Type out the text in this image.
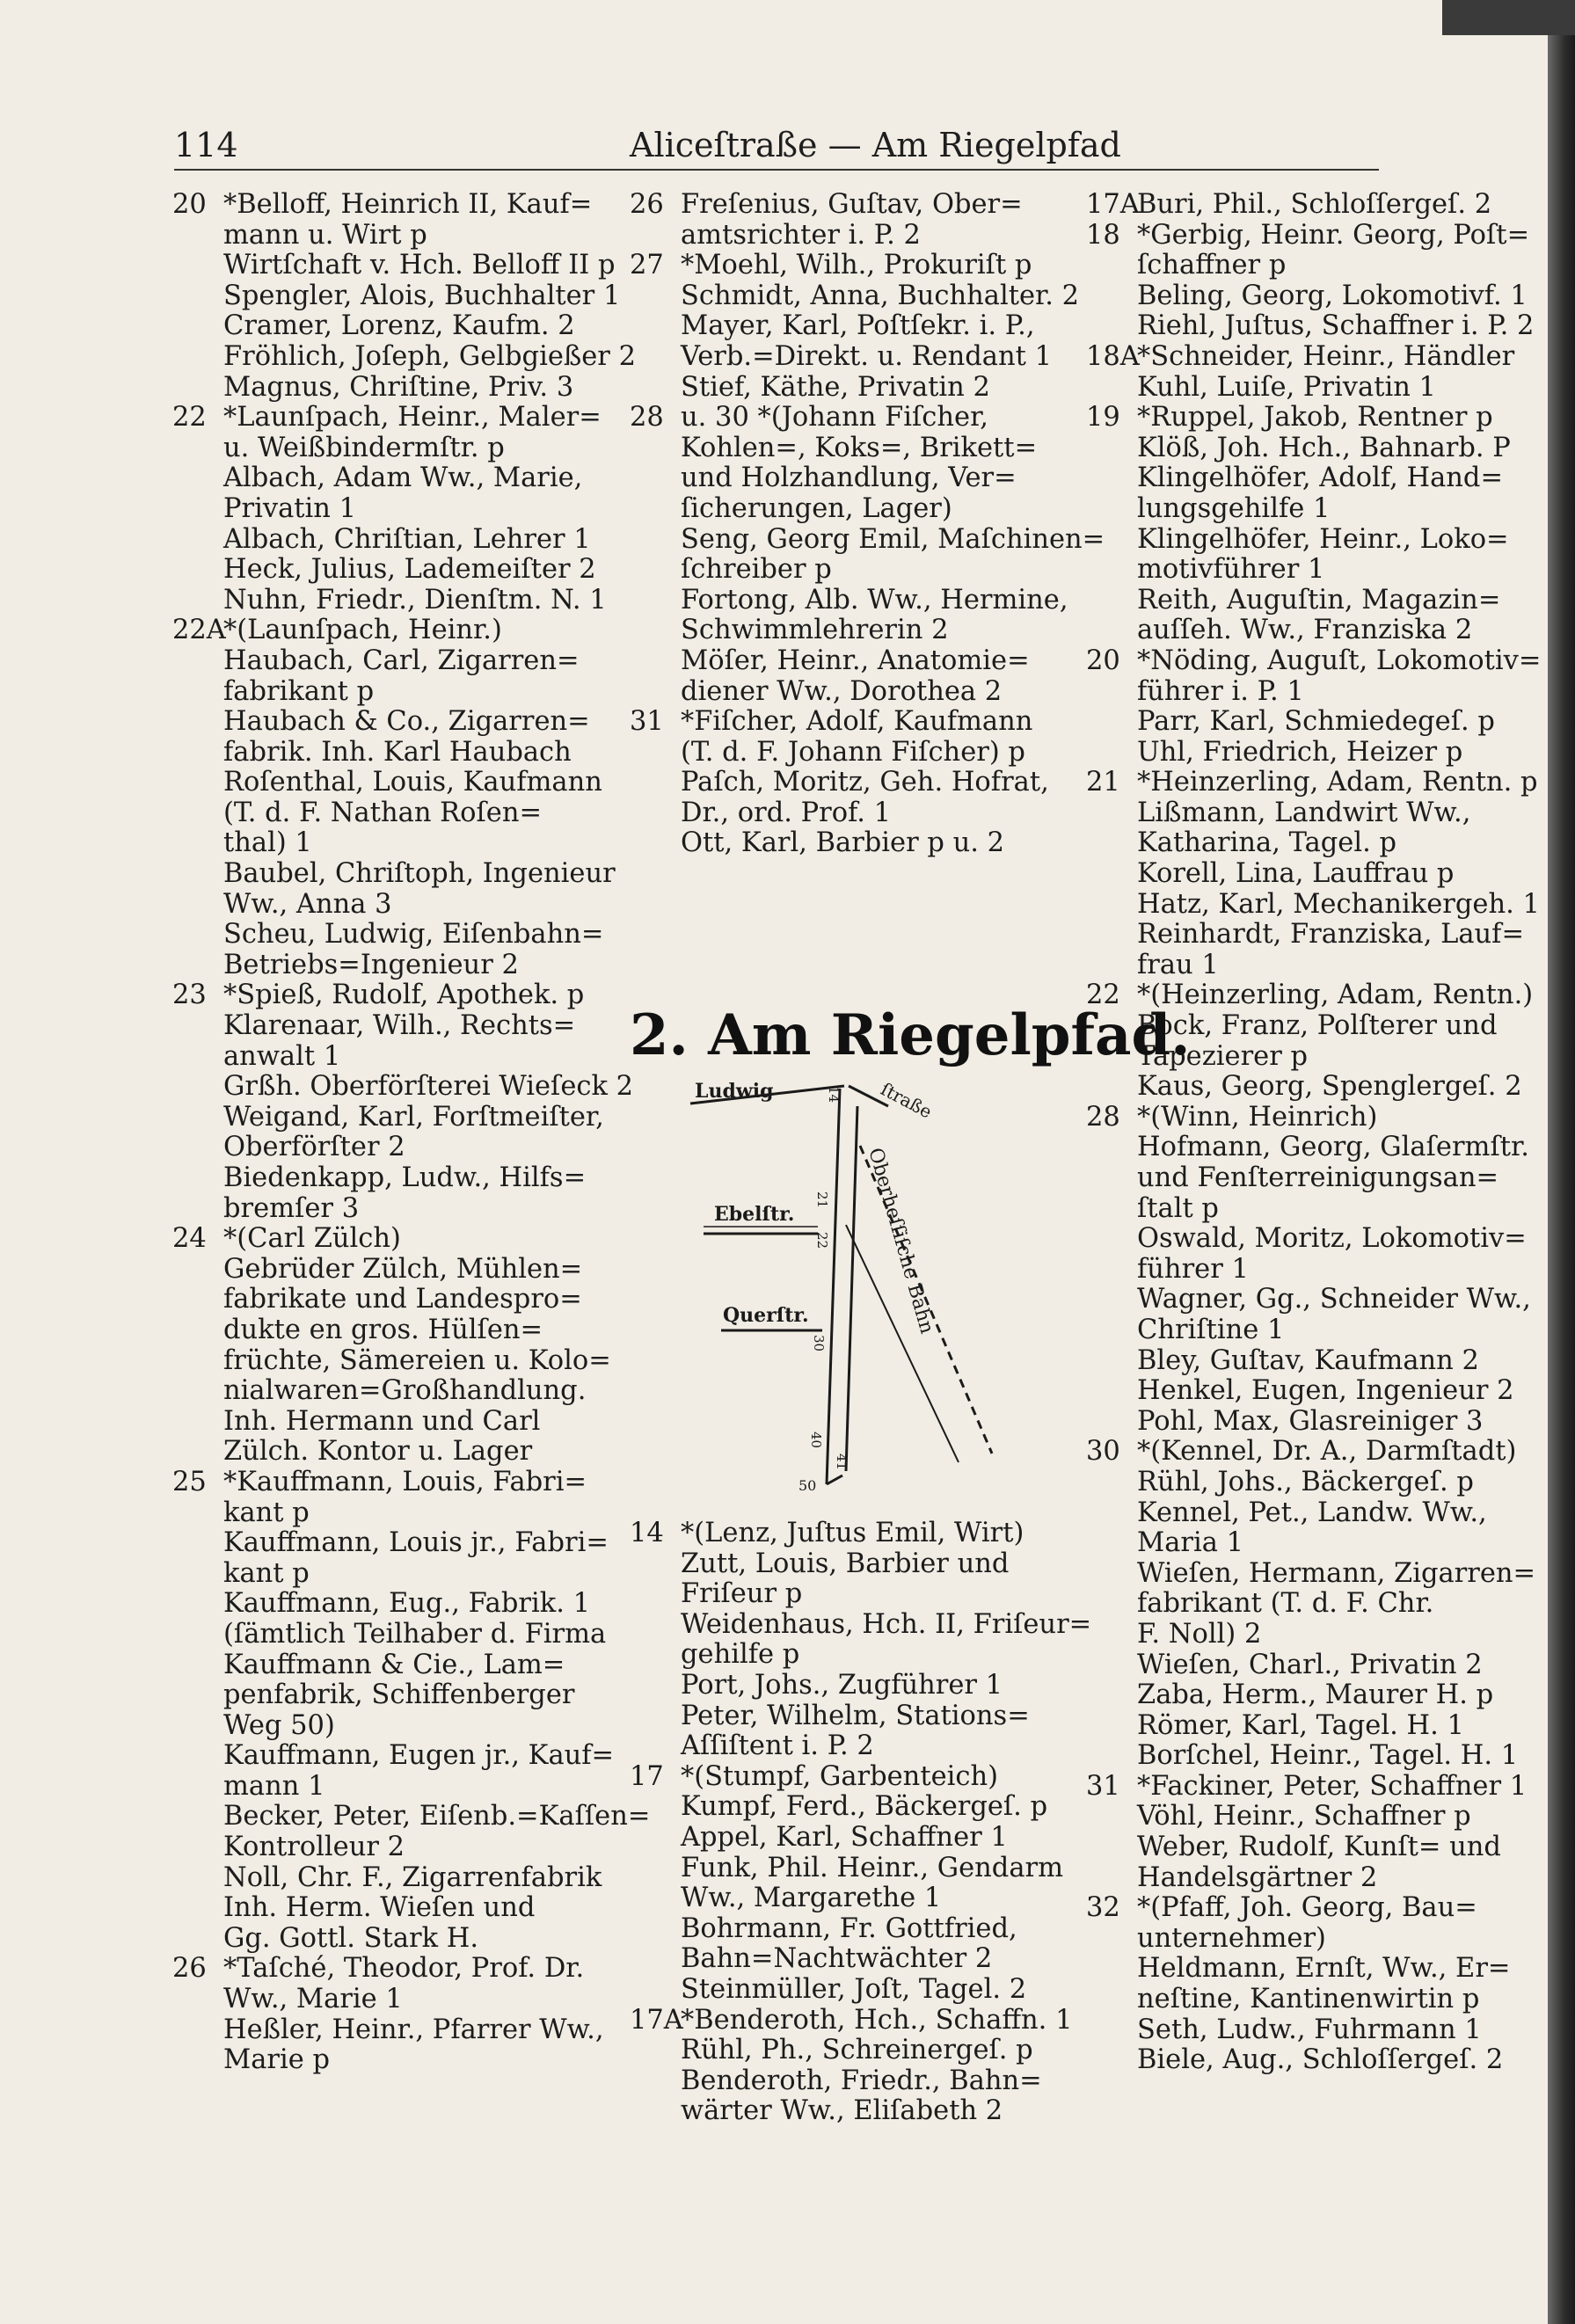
114	Aliceſtraße — Am Riegelpfad
20 *Belloff, Heinrich II, Kauf=
mann u. Wirt p
Wirtſchaft v. Hch. Belloff II p
Spengler, Alois, Buchhalter 1
Cramer, Lorenz, Kaufm. 2
Fröhlich, Joſeph, Gelbgießer 2
Magnus, Chriſtine, Priv. 3
22 *Launſpach, Heinr., Maler=
u. Weißbindermſtr. p
Albach, Adam Ww., Marie,
Privatin 1
Albach, Chriſtian, Lehrer 1
Heck, Julius, Lademeiſter 2
Nuhn, Friedr., Dienſtm. N. 1
22A
*(Launſpach, Heinr.)
Haubach, Carl, Zigarren=
fabrikant p
Haubach & Co., Zigarren=
fabrik. Inh. Karl Haubach
Roſenthal, Louis, Kaufmann
(T. d. F. Nathan Roſen=
thal) 1
Baubel, Chriſtoph, Ingenieur
Ww., Anna 3
Scheu, Ludwig, Eiſenbahn=
Betriebs=Ingenieur 2
23 *Spieß, Rudolf, Apothek. p
Klarenaar, Wilh., Rechts=
anwalt 1
Grßh. Oberförſterei Wieſeck 2
Weigand, Karl, Forſtmeiſter,
Oberförſter 2
Biedenkapp, Ludw., Hilfs=
bremſer 3
24 *(Carl Zülch)
Gebrüder Zülch, Mühlen=
fabrikate und Landespro=
dukte en gros. Hülſen=
früchte, Sämereien u. Kolo=
nialwaren=Großhandlung.
Inh. Hermann und Carl
Zülch. Kontor u. Lager
25 *Kauffmann, Louis, Fabri=
kant p
Kauffmann, Louis jr., Fabri=
kant p
Kauffmann, Eug., Fabrik. 1
(ſämtlich Teilhaber d. Firma
Kauffmann & Cie., Lam=
penfabrik, Schiffenberger
Weg 50)
Kauffmann, Eugen jr., Kauf=
mann 1
Becker, Peter, Eiſenb.=Kaſſen=
Kontrolleur 2
Noll, Chr. F., Zigarrenfabrik
Inh. Herm. Wieſen und
Gg. Gottl. Stark H.
26 *Taſché, Theodor, Prof. Dr.
Ww., Marie 1
Heßler, Heinr., Pfarrer Ww.,
Marie p
26 Freſenius, Guſtav, Ober=
amtsrichter i. P. 2
27 *Moehl, Wilh., Prokuriſt p
Schmidt, Anna, Buchhalter. 2
Mayer, Karl, Poſtſekr. i. P.,
Verb.=Direkt. u. Rendant 1
Stief, Käthe, Privatin 2
28 u. 30 *(Johann Fiſcher,
Kohlen=, Koks=, Brikett=
und Holzhandlung, Ver=
ſicherungen, Lager)
Seng, Georg Emil, Maſchinen=
ſchreiber p
Fortong, Alb. Ww., Hermine,
Schwimmlehrerin 2
Möſer, Heinr., Anatomie=
diener Ww., Dorothea 2
31 *Fiſcher, Adolf, Kaufmann
(T. d. F. Johann Fiſcher) p
Paſch, Moritz, Geh. Hofrat,
Dr., ord. Prof. 1
Ott, Karl, Barbier p u. 2
14 *(Lenz, Juſtus Emil, Wirt)
Zutt, Louis, Barbier und
Friſeur p
Weidenhaus, Hch. II, Friſeur=
gehilfe p
Port, Johs., Zugführer 1
Peter, Wilhelm, Stations=
Aſſiſtent i. P. 2
17 *(Stumpf, Garbenteich)
Kumpf, Ferd., Bäckergeſ. p
Appel, Karl, Schaffner 1
Funk, Phil. Heinr., Gendarm
Ww., Margarethe 1
Bohrmann, Fr. Gottfried,
Bahn=Nachtwächter 2
Steinmüller, Joſt, Tagel. 2
17A
*Benderoth, Hch., Schaffn. 1
Rühl, Ph., Schreinergeſ. p
Benderoth, Friedr., Bahn=
wärter Ww., Eliſabeth 2
17A
Buri, Phil., Schloſſergeſ. 2
18 *Gerbig, Heinr. Georg, Poſt=
ſchaffner p
Beling, Georg, Lokomotivf. 1
Riehl, Juſtus, Schaffner i. P. 2
18A
*Schneider, Heinr., Händler
Kuhl, Luiſe, Privatin 1
19 *Ruppel, Jakob, Rentner p
Klöß, Joh. Hch., Bahnarb. P
Klingelhöfer, Adolf, Hand=
lungsgehilfe 1
Klingelhöfer, Heinr., Loko=
motivführer 1
Reith, Auguſtin, Magazin=
auſſeh. Ww., Franziska 2
20 *Nöding, Auguſt, Lokomotiv=
führer i. P. 1
Parr, Karl, Schmiedegeſ. p
Uhl, Friedrich, Heizer p
21 *Heinzerling, Adam, Rentn. p
Lißmann, Landwirt Ww.,
Katharina, Tagel. p
Korell, Lina, Lauffrau p
Hatz, Karl, Mechanikergeh. 1
Reinhardt, Franziska, Lauf=
frau 1
22 *(Heinzerling, Adam, Rentn.)
Bock, Franz, Polſterer und
Tapezierer p
Kaus, Georg, Spenglergeſ. 2
28 *(Winn, Heinrich)
Hofmann, Georg, Glaſermſtr.
und Fenſterreinigungsan=
ſtalt p
Oswald, Moritz, Lokomotiv=
führer 1
Wagner, Gg., Schneider Ww.,
Chriſtine 1
Bley, Guſtav, Kaufmann 2
Henkel, Eugen, Ingenieur 2
Pohl, Max, Glasreiniger 3
30 *(Kennel, Dr. A., Darmſtadt)
Rühl, Johs., Bäckergeſ. p
Kennel, Pet., Landw. Ww.,
Maria 1
Wieſen, Hermann, Zigarren=
fabrikant (T. d. F. Chr.
F. Noll) 2
Wieſen, Charl., Privatin 2
Zaba, Herm., Maurer H. p
Römer, Karl, Tagel. H. 1
Borſchel, Heinr., Tagel. H. 1
31 *Fackiner, Peter, Schaffner 1
Vöhl, Heinr., Schaffner p
Weber, Rudolf, Kunſt= und
Handelsgärtner 2
32 *(Pfaff, Joh. Georg, Bau=
unternehmer)
Heldmann, Ernſt, Ww., Er=
neſtine, Kantinenwirtin p
Seth, Ludw., Fuhrmann 1
Biele, Aug., Schloſſergeſ. 2
2. Am Riegelpfad.
Ludwig	ſtraße
Ebelſtr.
Querſtr.	Oberheſſiſche Bahn
14
21
22
30
40
41
50
